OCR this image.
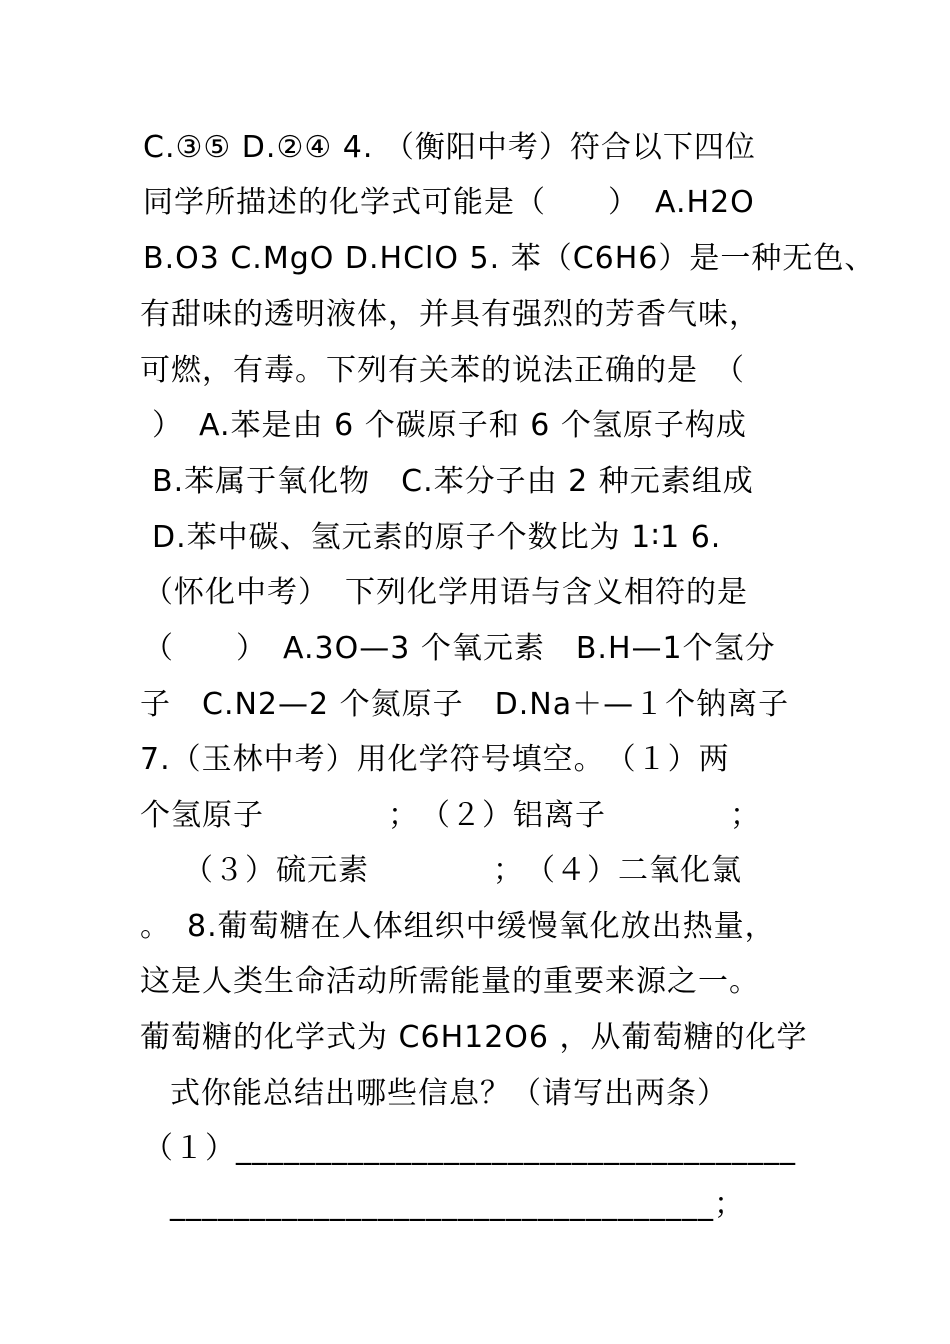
C.③⑤ D.②④ 4. （衡阳中考）符合以下四位
同学所描述的化学式可能是（　　）　A.H2O
B.O3 C.MgO D.HClO 5. 苯（C6H6）是一种无色、
有甜味的透明液体，并具有强烈的芳香气味，
可燃，有毒。下列有关苯的说法正确的是　（
）　A.苯是由 6 个碳原子和 6 个氢原子构成
B.苯属于氧化物　C.苯分子由 2 种元素组成
D.苯中碳、氢元素的原子个数比为 1∶1 6.
（怀化中考）　下列化学用语与含义相符的是
（　　）　A.3O—3 个氧元素　B.H—1个氢分
子　C.N2—2 个氮原子　D.Na＋—１个钠离子
7.（玉林中考）用化学符号填空。　（１）两
个氢原子　　　　；　（２）铝离子　　　　；
（３）硫元素　　　　；　（４）二氧化氯
。　8.葡萄糖在人体组织中缓慢氧化放出热量，
这是人类生命活动所需能量的重要来源之一。
葡萄糖的化学式为 C6H12O6 ，从葡萄糖的化学
式你能总结出哪些信息？（请写出两条）
（１）___________________________________
__________________________________；
